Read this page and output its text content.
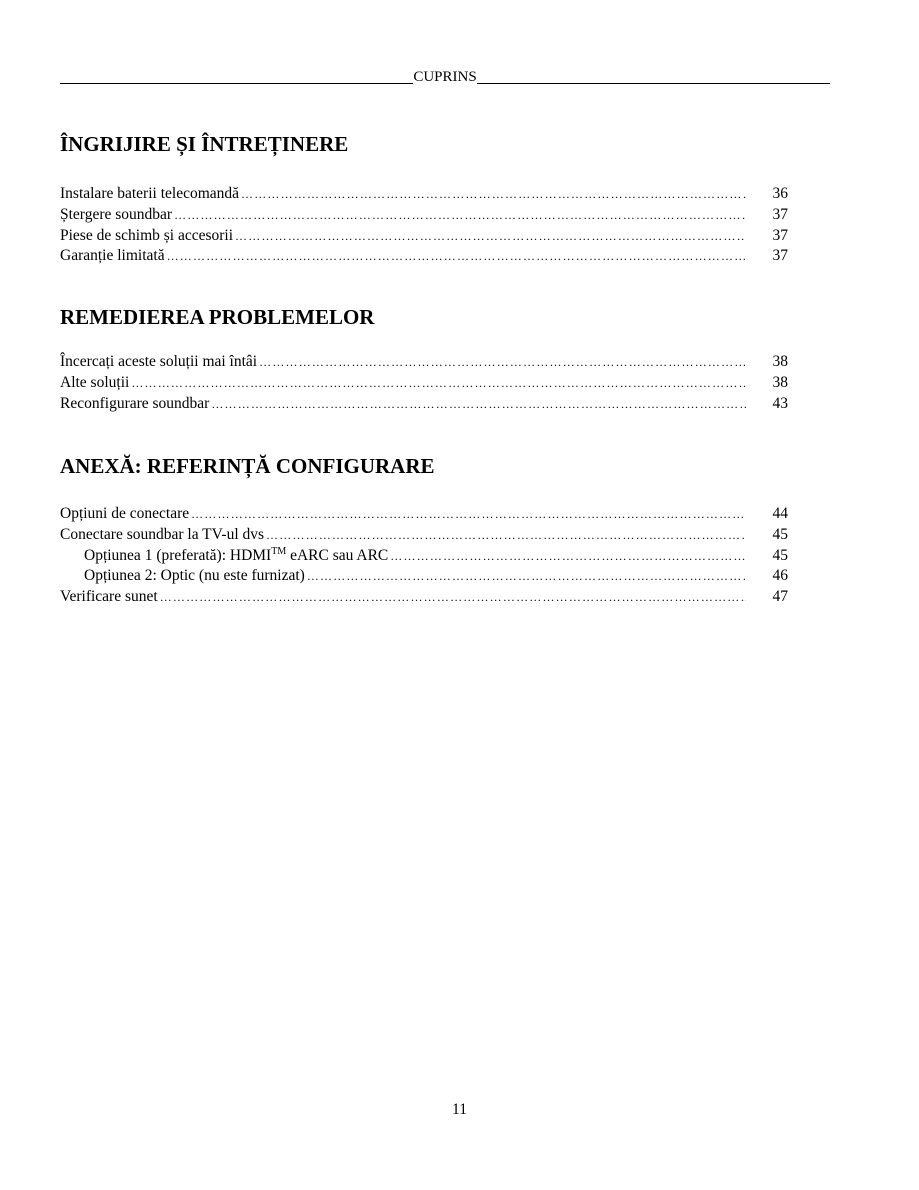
CUPRINS
ÎNGRIJIRE ȘI ÎNTREȚINERE
Instalare baterii telecomandă ……………………………………………………………………………………………………………………………………………………	36
Ștergere soundbar ……………………………………………………………………………………………………………………………………………………	37
Piese de schimb și accesorii ……………………………………………………………………………………………………………………………………………………	37
Garanție limitată ……………………………………………………………………………………………………………………………………………………	37
REMEDIEREA PROBLEMELOR
Încercați aceste soluții mai întâi ……………………………………………………………………………………………………………………………………………………	38
Alte soluții ……………………………………………………………………………………………………………………………………………………	38
Reconfigurare soundbar ……………………………………………………………………………………………………………………………………………………	43
ANEXĂ: REFERINȚĂ CONFIGURARE
Opțiuni de conectare ……………………………………………………………………………………………………………………………………………………	44
Conectare soundbar la TV-ul dvs ……………………………………………………………………………………………………………………………………………………	45
Opțiunea 1 (preferată): HDMI™ eARC sau ARC ……………………………………………………………………………………………………………………………………………………	45
Opțiunea 2: Optic (nu este furnizat) ……………………………………………………………………………………………………………………………………………………	46
Verificare sunet ……………………………………………………………………………………………………………………………………………………	47
11
